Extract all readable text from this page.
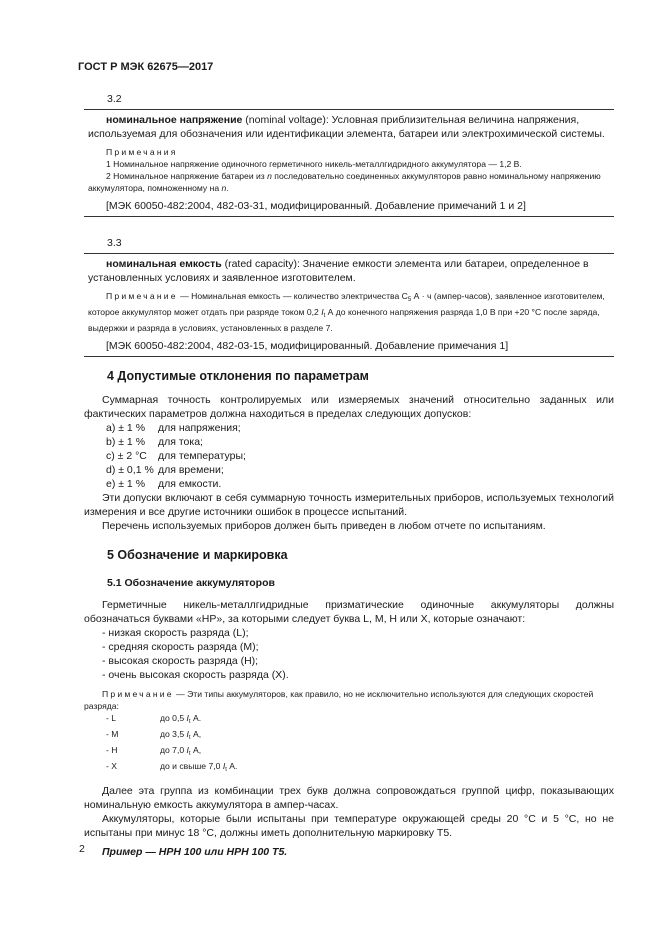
ГОСТ Р МЭК 62675—2017
3.2

номинальное напряжение (nominal voltage): Условная приблизительная величина напряжения, используемая для обозначения или идентификации элемента, батареи или электрохимической системы.

Примечания

1 Номинальное напряжение одиночного герметичного никель-металлгидридного аккумулятора — 1,2 В.

2 Номинальное напряжение батареи из n последовательно соединенных аккумуляторов равно номинальному напряжению аккумулятора, помноженному на n.

[МЭК 60050-482:2004, 482-03-31, модифицированный. Добавление примечаний 1 и 2]

3.3

номинальная емкость (rated capacity): Значение емкости элемента или батареи, определенное в установленных условиях и заявленное изготовителем.

Примечание — Номинальная емкость — количество электричества $C_5$ А · ч (ампер-часов), заявленное изготовителем, которое аккумулятор может отдать при разряде током 0,2 $I_t$ А до конечного напряжения разряда 1,0 В при +20 °С после заряда, выдержки и разряда в условиях, установленных в разделе 7.

[МЭК 60050-482:2004, 482-03-15, модифицированный. Добавление примечания 1]

4 Допустимые отклонения по параметрам

Суммарная точность контролируемых или измеряемых значений относительно заданных или фактических параметров должна находиться в пределах следующих допусков:

a) ± 1 %	для напряжения;
b) ± 1 %	для тока;
c) ± 2 °С	для температуры;
d) ± 0,1 % для времени;
e) ± 1 %	для емкости.

Эти допуски включают в себя суммарную точность измерительных приборов, используемых технологий измерения и все другие источники ошибок в процессе испытаний.

Перечень используемых приборов должен быть приведен в любом отчете по испытаниям.

5 Обозначение и маркировка
5.1 Обозначение аккумуляторов

Герметичные никель-металлгидридные призматические одиночные аккумуляторы должны обозначаться буквами «HP», за которыми следует буква L, M, H или X, которые означают:

- низкая скорость разряда (L);

- средняя скорость разряда (M);

- высокая скорость разряда (H);

- очень высокая скорость разряда (X).

Примечание — Эти типы аккумуляторов, как правило, но не исключительно используются для следующих скоростей разряда:

- L	до 0,5 $I_t$ А.
- M	до 3,5 $I_t$ А,
- H	до 7,0 $I_t$ А,
- X	до и свыше 7,0 $I_t$ А.

Далее эта группа из комбинации трех букв должна сопровождаться группой цифр, показывающих номинальную емкость аккумулятора в ампер-часах.

Аккумуляторы, которые были испытаны при температуре окружающей среды 20 °С и 5 °С, но не испытаны при минус 18 °С, должны иметь дополнительную маркировку T5.

Пример — HPH 100 или HPH 100 T5.

2
